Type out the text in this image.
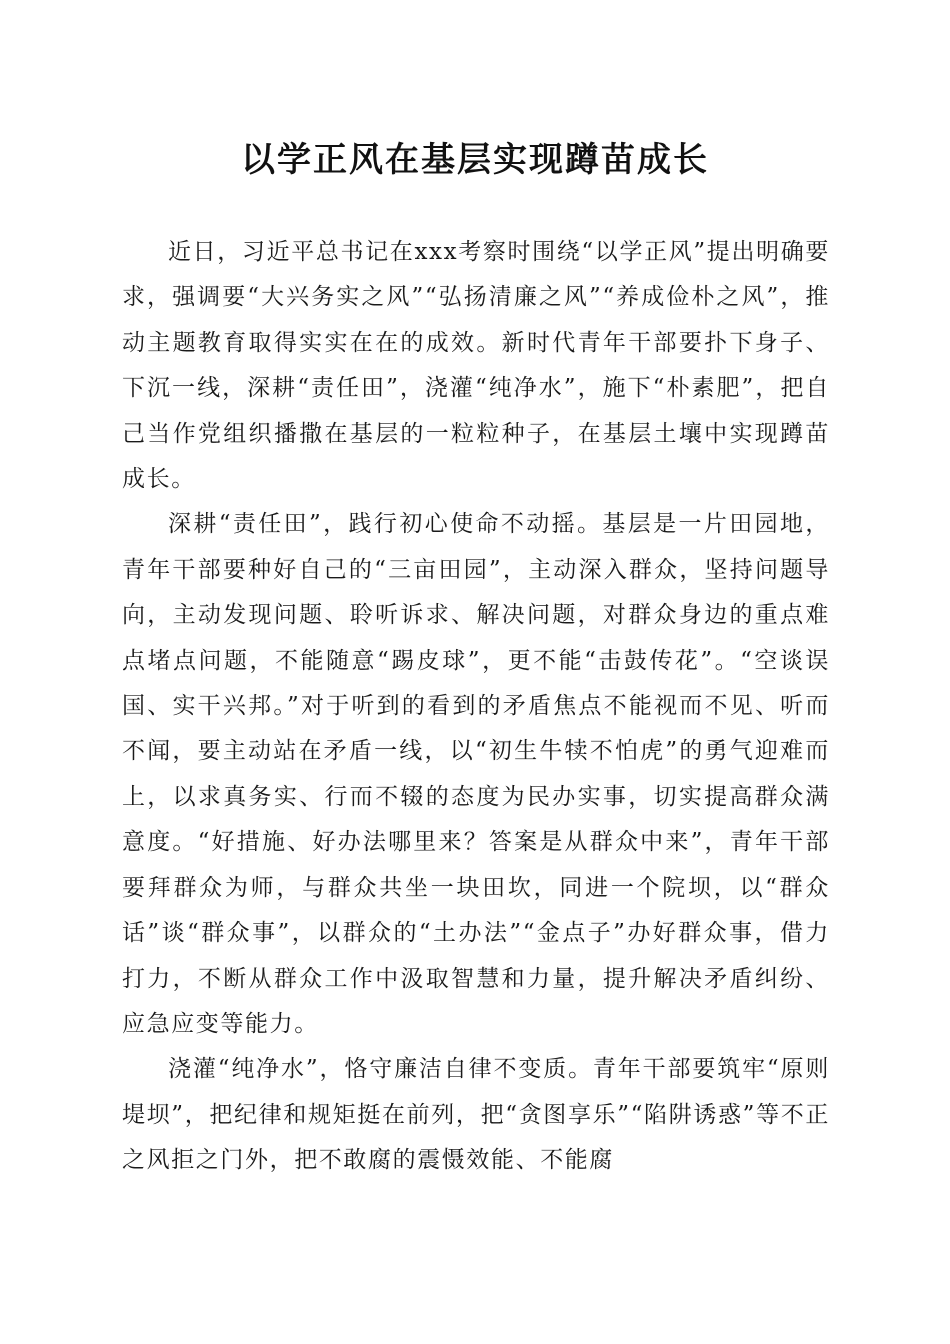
以学正风在基层实现蹲苗成长

近日，习近平总书记在xxx考察时围绕“以学正风”提出明确要求，强调要“大兴务实之风”“弘扬清廉之风”“养成俭朴之风”，推动主题教育取得实实在在的成效。新时代青年干部要扑下身子、下沉一线，深耕“责任田”，浇灌“纯净水”，施下“朴素肥”，把自己当作党组织播撒在基层的一粒粒种子，在基层土壤中实现蹲苗成长。

深耕“责任田”，践行初心使命不动摇。基层是一片田园地，青年干部要种好自己的“三亩田园”，主动深入群众，坚持问题导向，主动发现问题、聆听诉求、解决问题，对群众身边的重点难点堵点问题，不能随意“踢皮球”，更不能“击鼓传花”。“空谈误国、实干兴邦。”对于听到的看到的矛盾焦点不能视而不见、听而不闻，要主动站在矛盾一线，以“初生牛犊不怕虎”的勇气迎难而上，以求真务实、行而不辍的态度为民办实事，切实提高群众满意度。“好措施、好办法哪里来？答案是从群众中来”，青年干部要拜群众为师，与群众共坐一块田坎，同进一个院坝，以“群众话”谈“群众事”，以群众的“土办法”“金点子”办好群众事，借力打力，不断从群众工作中汲取智慧和力量，提升解决矛盾纠纷、应急应变等能力。

浇灌“纯净水”，恪守廉洁自律不变质。青年干部要筑牢“原则堤坝”，把纪律和规矩挺在前列，把“贪图享乐”“陷阱诱惑”等不正之风拒之门外，把不敢腐的震慑效能、不能腐
